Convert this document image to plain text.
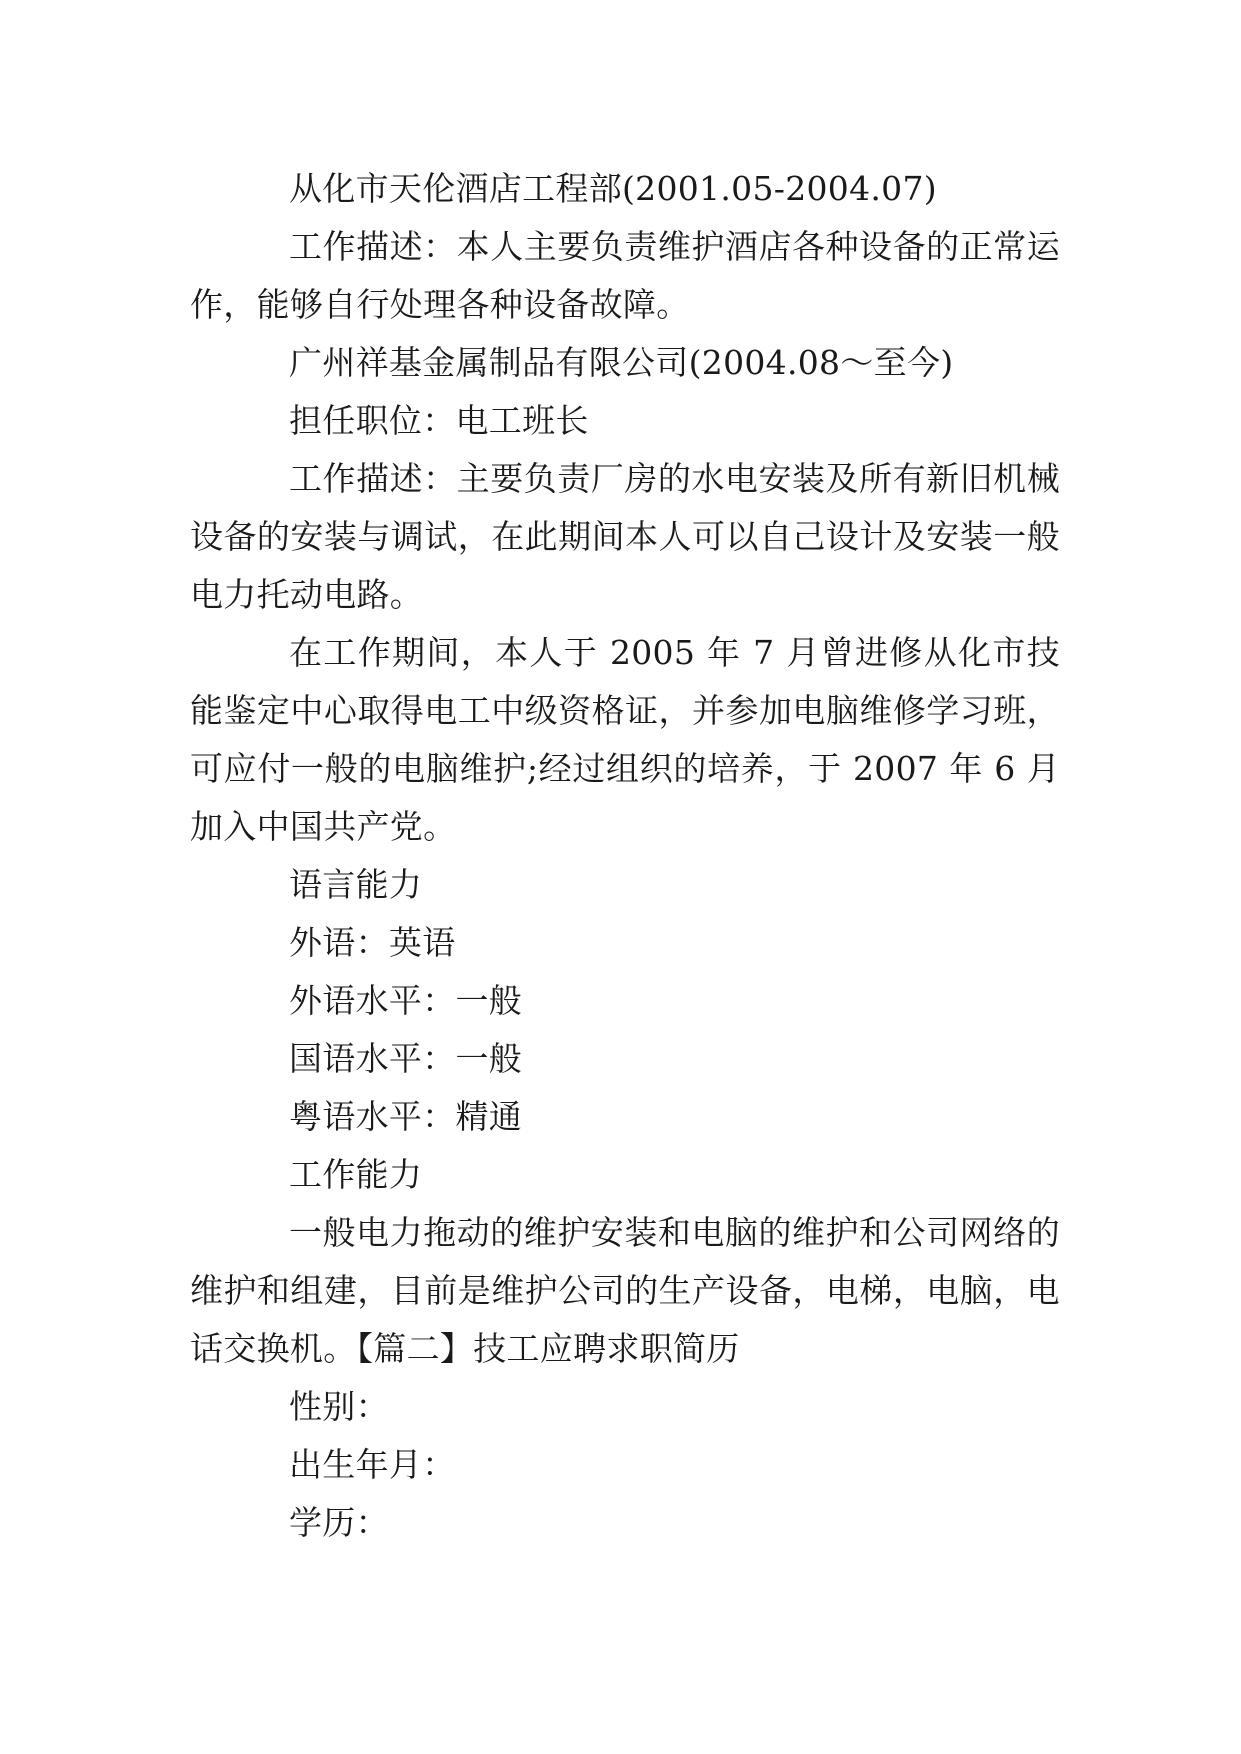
从化市天伦酒店工程部(2001.05-2004.07)

工作描述：本人主要负责维护酒店各种设备的正常运作，能够自行处理各种设备故障。

广州祥基金属制品有限公司(2004.08～至今)

担任职位：电工班长

工作描述：主要负责厂房的水电安装及所有新旧机械设备的安装与调试，在此期间本人可以自己设计及安装一般电力托动电路。

在工作期间，本人于 2005 年 7 月曾进修从化市技能鉴定中心取得电工中级资格证，并参加电脑维修学习班，可应付一般的电脑维护;经过组织的培养，于 2007 年 6 月加入中国共产党。

语言能力

外语：英语

外语水平：一般

国语水平：一般

粤语水平：精通

工作能力

一般电力拖动的维护安装和电脑的维护和公司网络的维护和组建，目前是维护公司的生产设备，电梯，电脑，电话交换机。【篇二】技工应聘求职简历

性别：

出生年月：

学历：
